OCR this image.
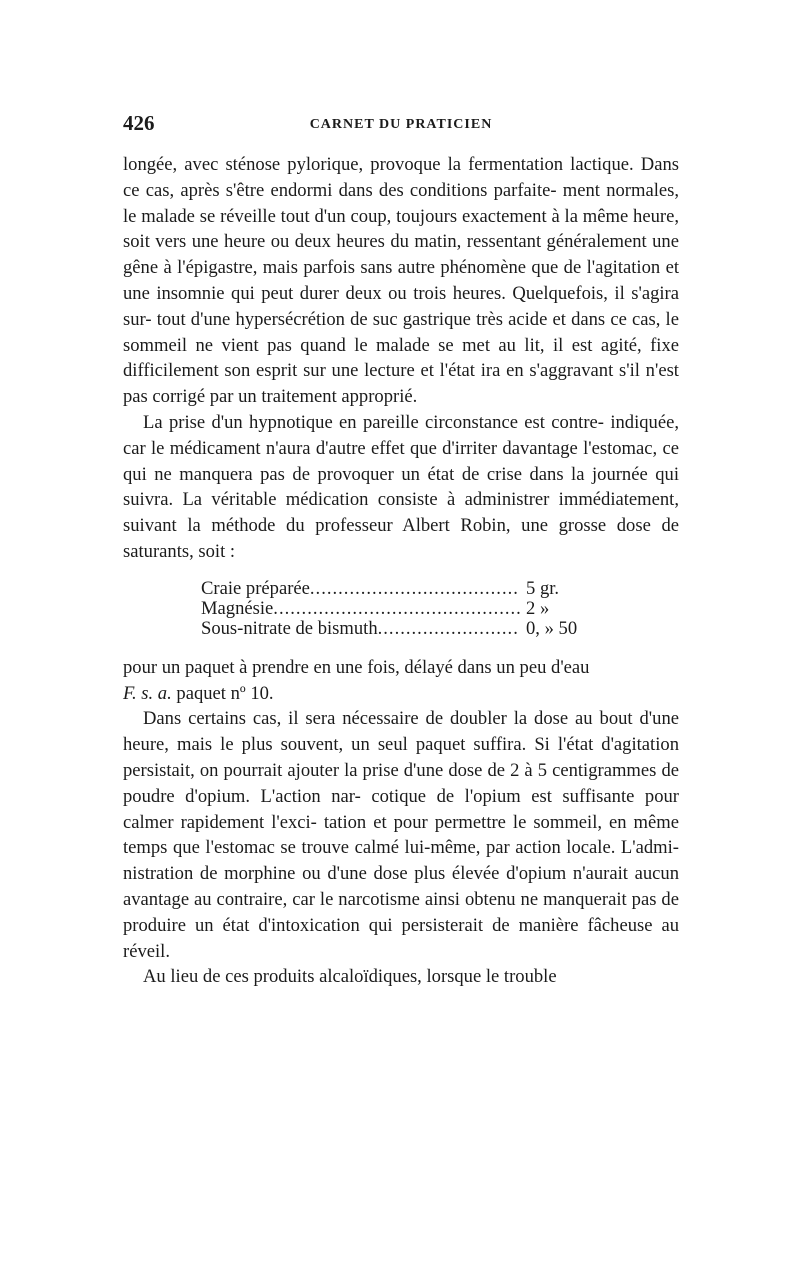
426	CARNET DU PRATICIEN

longée, avec sténose pylorique, provoque la fermentation lactique. Dans ce cas, après s'être endormi dans des conditions parfaite- ment normales, le malade se réveille tout d'un coup, toujours exactement à la même heure, soit vers une heure ou deux heures du matin, ressentant généralement une gêne à l'épigastre, mais parfois sans autre phénomène que de l'agitation et une insomnie qui peut durer deux ou trois heures. Quelquefois, il s'agira sur- tout d'une hypersécrétion de suc gastrique très acide et dans ce cas, le sommeil ne vient pas quand le malade se met au lit, il est agité, fixe difficilement son esprit sur une lecture et l'état ira en s'aggravant s'il n'est pas corrigé par un traitement approprié.

La prise d'un hypnotique en pareille circonstance est contre- indiquée, car le médicament n'aura d'autre effet que d'irriter davantage l'estomac, ce qui ne manquera pas de provoquer un état de crise dans la journée qui suivra. La véritable médication consiste à administrer immédiatement, suivant la méthode du professeur Albert Robin, une grosse dose de saturants, soit :

Craie préparée .....	5 gr.
Magnésie .....	2 »
Sous-nitrate de bismuth .....	0, » 50

pour un paquet à prendre en une fois, délayé dans un peu d'eau
F. s. a. paquet nº 10.

Dans certains cas, il sera nécessaire de doubler la dose au bout d'une heure, mais le plus souvent, un seul paquet suffira. Si l'état d'agitation persistait, on pourrait ajouter la prise d'une dose de 2 à 5 centigrammes de poudre d'opium. L'action nar- cotique de l'opium est suffisante pour calmer rapidement l'exci- tation et pour permettre le sommeil, en même temps que l'estomac se trouve calmé lui-même, par action locale. L'admi- nistration de morphine ou d'une dose plus élevée d'opium n'aurait aucun avantage au contraire, car le narcotisme ainsi obtenu ne manquerait pas de produire un état d'intoxication qui persisterait de manière fâcheuse au réveil.

Au lieu de ces produits alcaloïdiques, lorsque le trouble
